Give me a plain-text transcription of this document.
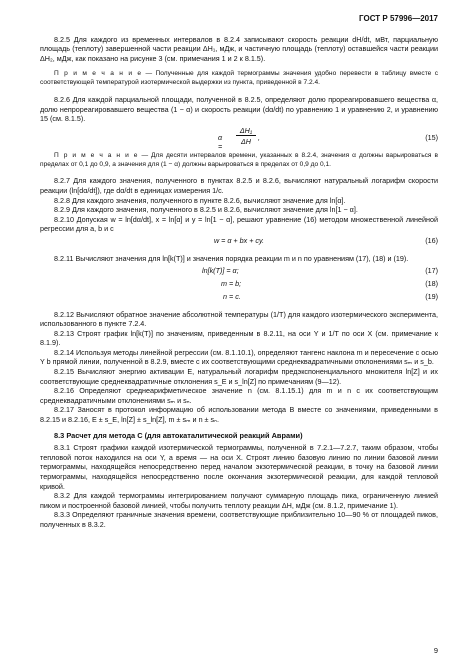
ГОСТ Р 57996—2017

8.2.5 Для каждого из временных интервалов в 8.2.4 записывают скорость реакции dH/dt, мВт, парциальную площадь (теплоту) завершенной части реакции ΔH₁, мДж, и частичную площадь (теплоту) оставшейся части реакции ΔH₂, мДж, как показано на рисунке 3 (см. примечания 1 и 2 к 8.1.5).

П р и м е ч а н и е — Полученные для каждой термограммы значения удобно перевести в таблицу вместе с соответствующей температурой изотермической выдержки из пункта, приведенной в 7.2.4.

8.2.6 Для каждой парциальной площади, полученной в 8.2.5, определяют долю прореагировавшего вещества α, долю непрореагировавшего вещества (1 − α) и скорость реакции (dα/dt) по уравнению 1 и уравнению 2, и уравнению 15 (см. 8.1.5).

α =
ΔH₁
ΔH ,	(15)

П р и м е ч а н и е — Для десяти интервалов времени, указанных в 8.2.4, значения α должны варьироваться в пределах от 0,1 до 0,9, а значения для (1 − α) должны варьироваться в пределах от 0,9 до 0,1.

8.2.7 Для каждого значения, полученного в пунктах 8.2.5 и 8.2.6, вычисляют натуральный логарифм скорости реакции (ln[dα/dt]), где dα/dt в единицах измерения 1/с.

8.2.8 Для каждого значения, полученного в пункте 8.2.6, вычисляют значение для ln[α].

8.2.9 Для каждого значения, полученного в 8.2.5 и 8.2.6, вычисляют значение для ln[1 − α].

8.2.10 Допуская w = ln[dα/dt], x = ln[α] и y = ln[1 − α], решают уравнение (16) методом множественной линейной регрессии для a, b и c

w = α + bx + cy.	(16)

8.2.11 Вычисляют значения для ln[k(T)] и значения порядка реакции m и n по уравнениям (17), (18) и (19).

ln[k(T)] = α;	(17)
m = b;	(18)
n = c.	(19)

8.2.12 Вычисляют обратное значение абсолютной температуры (1/T) для каждого изотермического эксперимента, использованного в пункте 7.2.4.

8.2.13 Строят график ln[k(T)] по значениям, приведенным в 8.2.11, на оси Y и 1/T по оси X (см. примечание к 8.1.9).

8.2.14 Используя методы линейной регрессии (см. 8.1.10.1), определяют тангенс наклона m и пересечение с осью Y b прямой линии, полученной в 8.2.9, вместе с их соответствующими среднеквадратичными отклонениями sₘ и s_b.

8.2.15 Вычисляют энергию активации E, натуральный логарифм предэкспоненциального множителя ln[Z] и их соответствующие среднеквадратичные отклонения s_E и s_ln[Z] по примечаниям (9—12).

8.2.16 Определяют среднеарифметическое значение n (см. 8.1.15.1) для m и n с их соответствующим среднеквадратичными отклонениями sₘ и sₙ.

8.2.17 Заносят в протокол информацию об использовании метода B вместе со значениями, приведенными в 8.2.15 и 8.2.16, E ± s_E, ln[Z] ± s_ln[Z], m ± sₘ и n ± sₙ.

8.3 Расчет для метода C (для автокаталитической реакций Аврами)

8.3.1 Строят графики каждой изотермической термограммы, полученной в 7.2.1—7.2.7, таким образом, чтобы тепловой поток находился на оси Y, а время — на оси X. Строят линию базовую линию по линии базовой линии термограммы, находящейся непосредственно перед началом экзотермической реакции, в точку на базовой линии термограммы, находящейся непосредственно после окончания экзотермической реакции, для каждой тепловой кривой.

8.3.2 Для каждой термограммы интегрированием получают суммарную площадь пика, ограниченную линией пиком и построенной базовой линией, чтобы получить теплоту реакции ΔH, мДж (см. 8.1.2, примечание 1).

8.3.3 Определяют граничные значения времени, соответствующие приблизительно 10—90 % от площадей пиков, полученных в 8.3.2.

9
